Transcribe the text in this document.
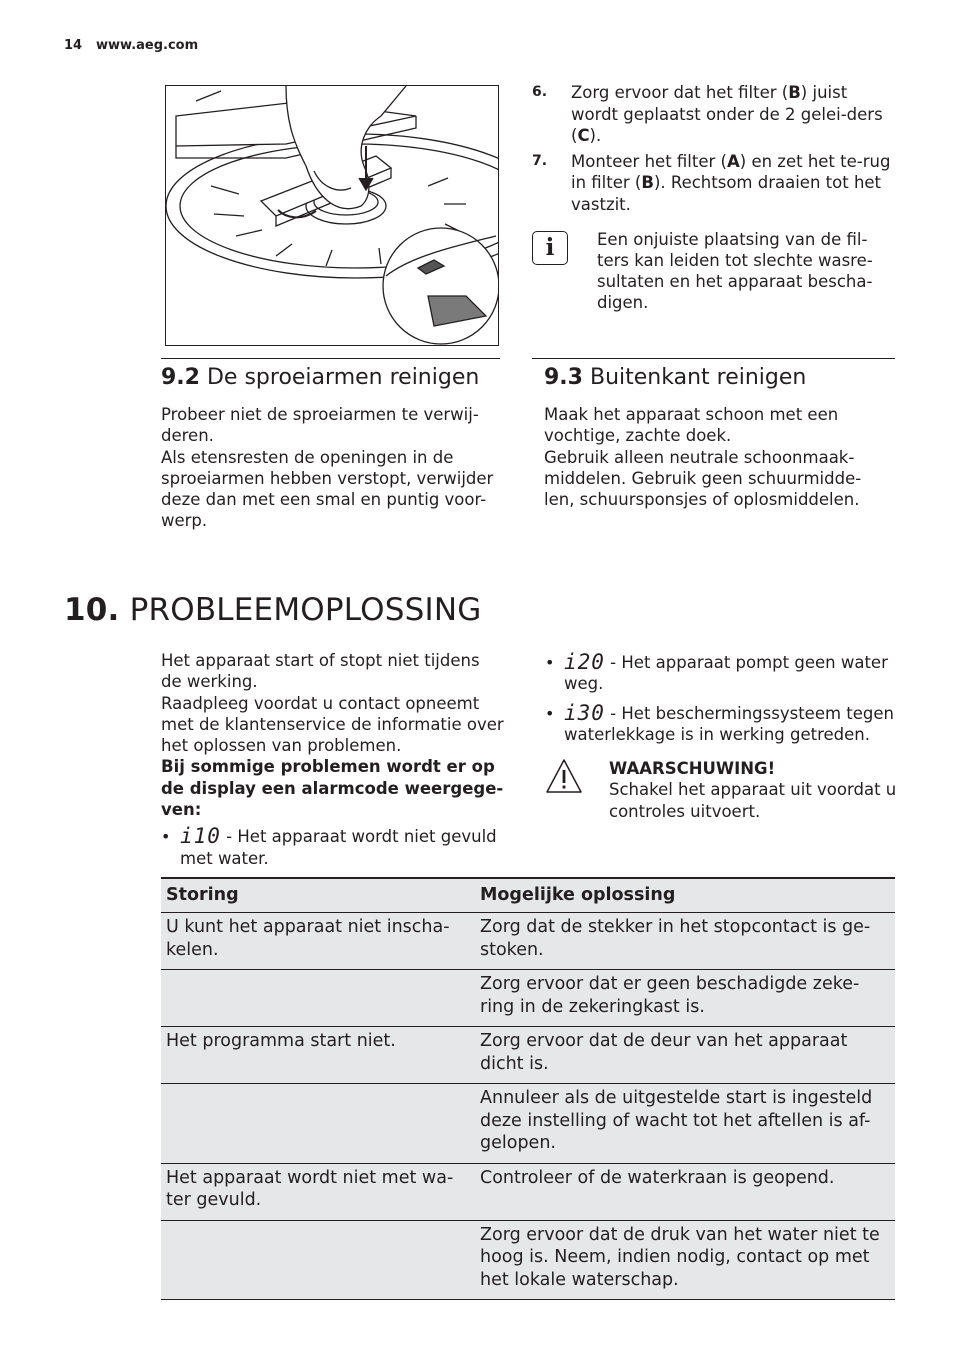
14 www.aeg.com
6. Zorg ervoor dat het filter (B) juist wordt geplaatst onder de 2 gelei-ders (C).
7. Monteer het filter (A) en zet het te-rug in filter (B). Rechtsom draaien tot het vastzit.
i	Een onjuiste plaatsing van de fil-ters kan leiden tot slechte wasre-sultaten en het apparaat bescha-digen.
9.2 De sproeiarmen reinigen
Probeer niet de sproeiarmen te verwij-
deren.
Als etensresten de openingen in de
sproeiarmen hebben verstopt, verwijder
deze dan met een smal en puntig voor-
werp.
9.3 Buitenkant reinigen
Maak het apparaat schoon met een
vochtige, zachte doek.
Gebruik alleen neutrale schoonmaak-
middelen. Gebruik geen schuurmidde-
len, schuursponsjes of oplosmiddelen.
10. PROBLEEMOPLOSSING
Het apparaat start of stopt niet tijdens
de werking.
Raadpleeg voordat u contact opneemt
met de klantenservice de informatie over
het oplossen van problemen.
Bij sommige problemen wordt er op
de display een alarmcode weergege-
ven:
• i10 - Het apparaat wordt niet gevuld met water.
• i20 - Het apparaat pompt geen water weg.
• i30 - Het beschermingssysteem tegen waterlekkage is in werking getreden.
WAARSCHUWING!
Schakel het apparaat uit voordat u controles uitvoert.
Storing	Mogelijke oplossing
U kunt het apparaat niet inscha-kelen.	Zorg dat de stekker in het stopcontact is ge-stoken.
	Zorg ervoor dat er geen beschadigde zeke-ring in de zekeringkast is.
Het programma start niet.	Zorg ervoor dat de deur van het apparaat dicht is.
	Annuleer als de uitgestelde start is ingesteld deze instelling of wacht tot het aftellen is af-gelopen.
Het apparaat wordt niet met wa-ter gevuld.	Controleer of de waterkraan is geopend.
	Zorg ervoor dat de druk van het water niet te hoog is. Neem, indien nodig, contact op met het lokale waterschap.
